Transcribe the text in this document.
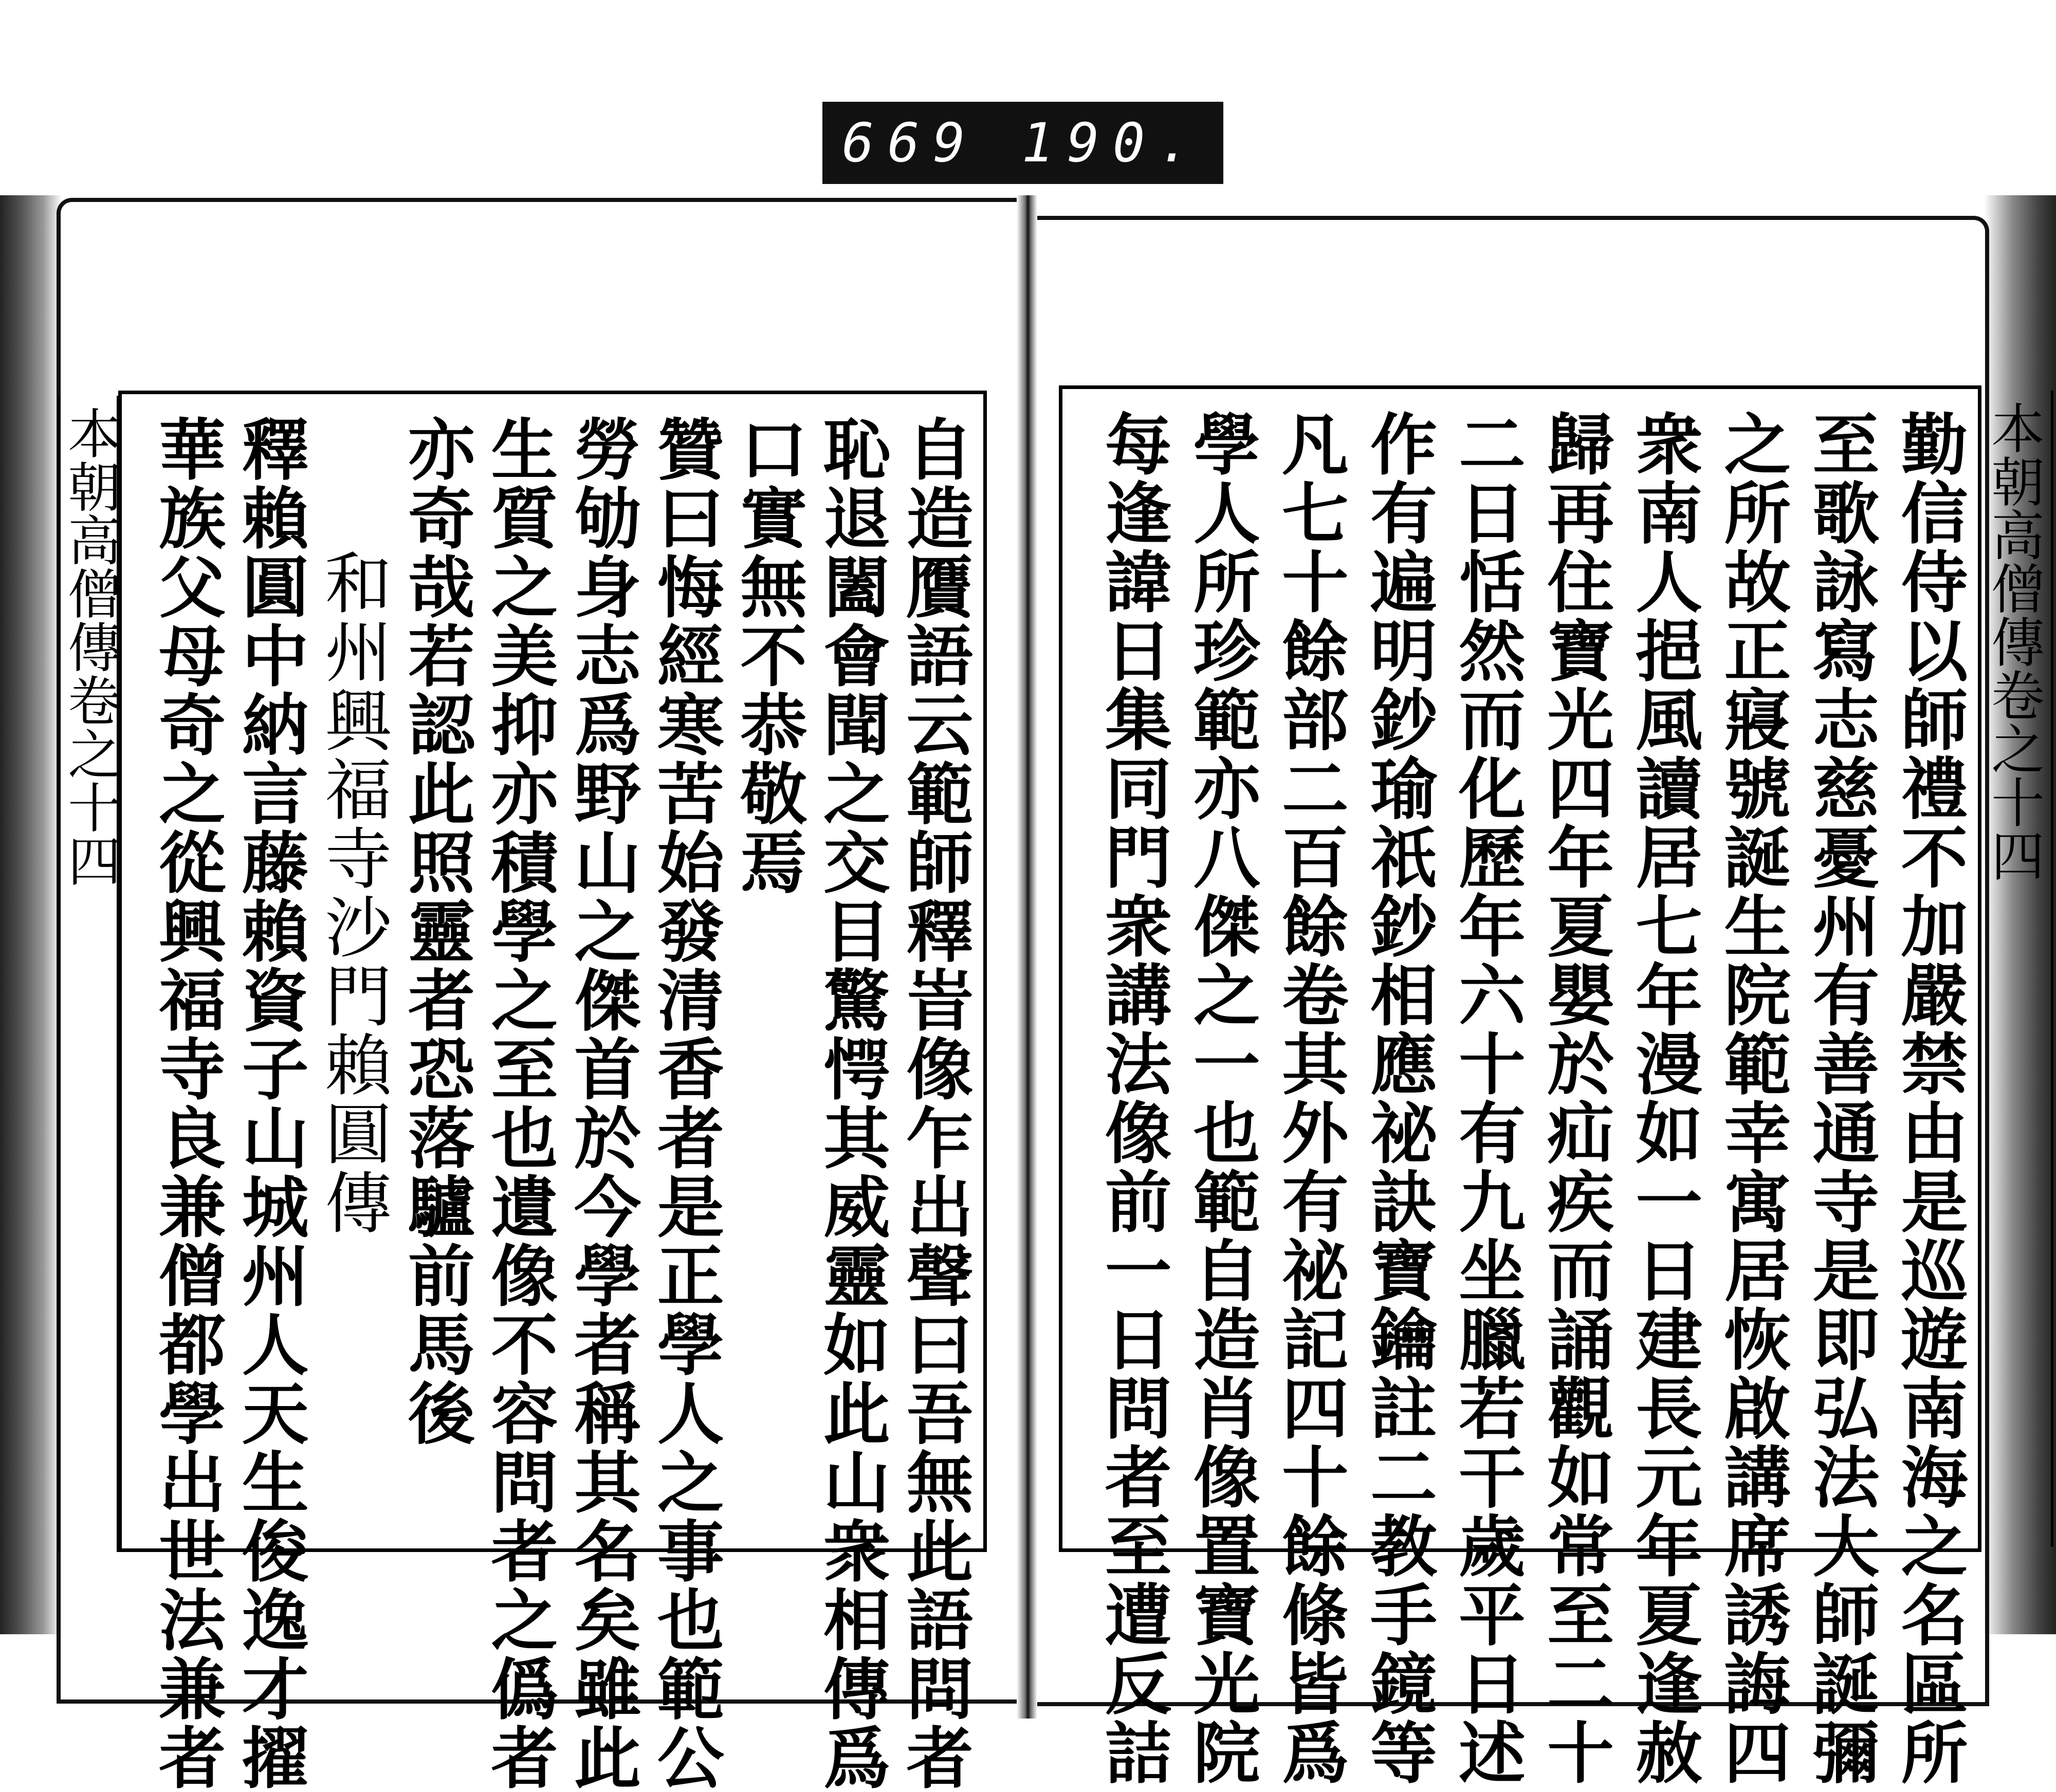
669 190.
本朝高僧傳卷之十四	自造贋語云範師釋峕像乍出聲曰吾無此語問者
恥退闔會聞之交目驚愕其威靈如此山衆相傳爲
口實無不恭敬焉
贊曰悔經寒苦始發清香者是正學人之事也範公
勞劬身志爲野山之傑首於今學者稱其名矣雖此
生質之美抑亦積學之至也遺像不容問者之僞者
亦奇哉若認此照靈者恐落驢前馬後
和州興福寺沙門賴圓傳
釋賴圓中納言藤賴資子山城州人天生俊逸才擢
華族父母奇之從興福寺良兼僧都學出世法兼者	勤信侍以師禮不加嚴禁由是巡遊南海之名區所
至歌詠寫志慈憂州有善通寺是即弘法大師誕彌
之所故正寢號誕生院範幸寓居恢啟講席誘誨四
衆南人挹風讀居七年漫如一日建長元年夏逢赦
歸再住寶光四年夏嬰於疝疾而誦觀如常至二十
二日恬然而化歷年六十有九坐臘若干歲平日述
作有遍明鈔瑜祇鈔相應祕訣寶鑰註二教手鏡等
凡七十餘部二百餘卷其外有祕記四十餘條皆爲
學人所珍範亦八傑之一也範自造肖像置寶光院
每逢諱日集同門衆講法像前一日問者至遭反詰	本朝高僧傳卷之十四
